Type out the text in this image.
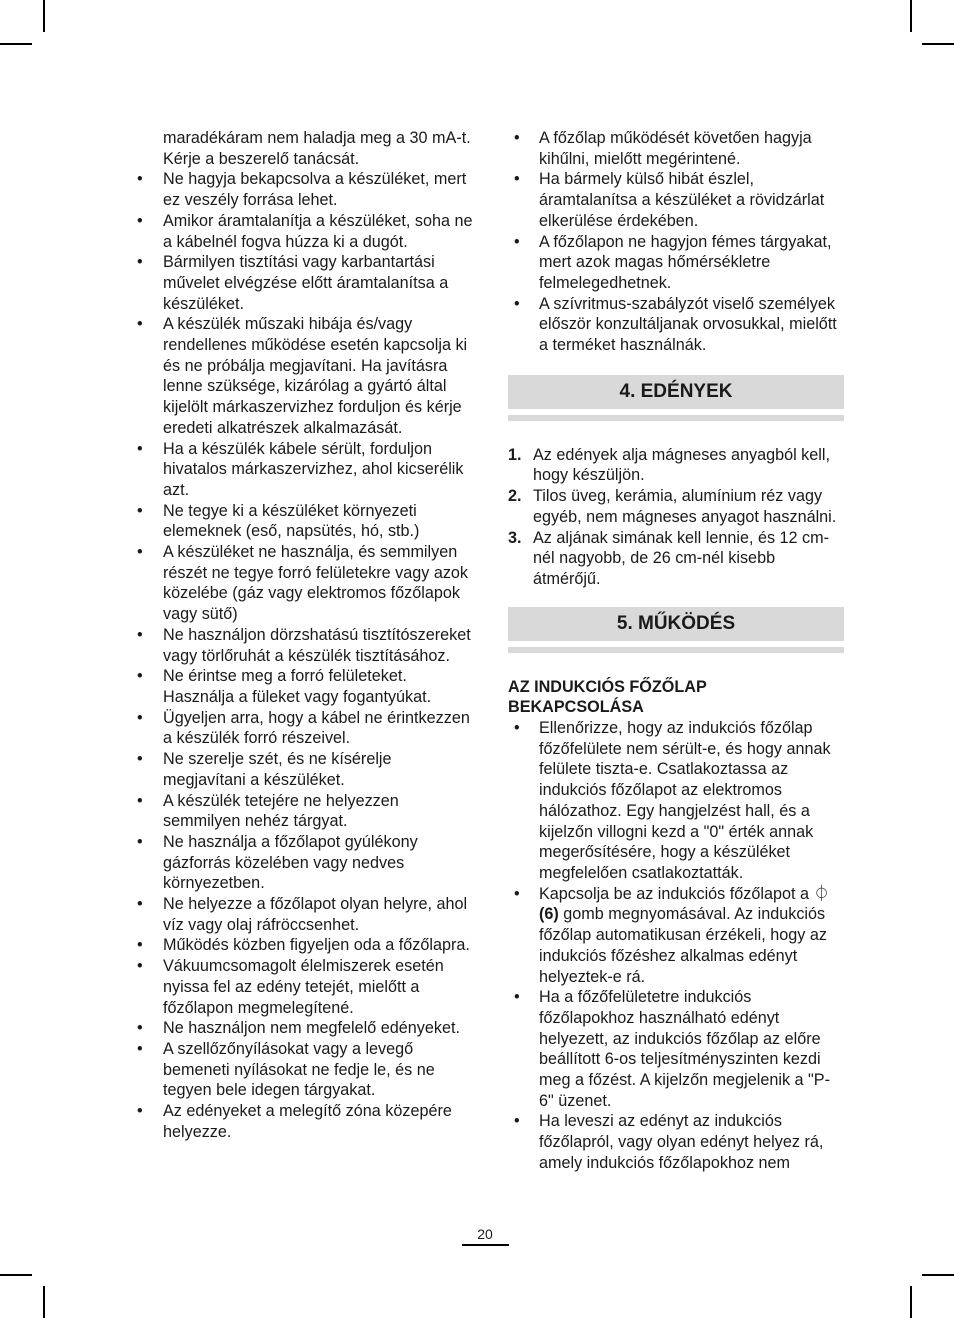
maradékáram nem haladja meg a 30 mA-t. Kérje a beszerelő tanácsát.
• Ne hagyja bekapcsolva a készüléket, mert ez veszély forrása lehet.
• Amikor áramtalanítja a készüléket, soha ne a kábelnél fogva húzza ki a dugót.
• Bármilyen tisztítási vagy karbantartási művelet elvégzése előtt áramtalanítsa a készüléket.
• A készülék műszaki hibája és/vagy rendellenes működése esetén kapcsolja ki és ne próbálja megjavítani. Ha javításra lenne szüksége, kizárólag a gyártó által kijelölt márkaszervizhez forduljon és kérje eredeti alkatrészek alkalmazását.
• Ha a készülék kábele sérült, forduljon hivatalos márkaszervizhez, ahol kicserélik azt.
• Ne tegye ki a készüléket környezeti elemeknek (eső, napsütés, hó, stb.)
• A készüléket ne használja, és semmilyen részét ne tegye forró felületekre vagy azok közelébe (gáz vagy elektromos főzőlapok vagy sütő)
• Ne használjon dörzshatású tisztítószereket vagy törlőruhát a készülék tisztításához.
• Ne érintse meg a forró felületeket. Használja a füleket vagy fogantyúkat.
• Ügyeljen arra, hogy a kábel ne érintkezzen a készülék forró részeivel.
• Ne szerelje szét, és ne kísérelje megjavítani a készüléket.
• A készülék tetejére ne helyezzen semmilyen nehéz tárgyat.
• Ne használja a főzőlapot gyúlékony gázforrás közelében vagy nedves környezetben.
• Ne helyezze a főzőlapot olyan helyre, ahol víz vagy olaj ráfröccsenhet.
• Működés közben figyeljen oda a főzőlapra.
• Vákuumcsomagolt élelmiszerek esetén nyissa fel az edény tetejét, mielőtt a főzőlapon megmelegítené.
• Ne használjon nem megfelelő edényeket.
• A szellőzőnyílásokat vagy a levegő bemeneti nyílásokat ne fedje le, és ne tegyen bele idegen tárgyakat.
• Az edényeket a melegítő zóna közepére helyezze.
• A főzőlap működését követően hagyja kihűlni, mielőtt megérintené.
• Ha bármely külső hibát észlel, áramtalanítsa a készüléket a rövidzárlat elkerülése érdekében.
• A főzőlapon ne hagyjon fémes tárgyakat, mert azok magas hőmérsékletre felmelegedhetnek.
• A szívritmus-szabályzót viselő személyek először konzultáljanak orvosukkal, mielőtt a terméket használnák.
4. EDÉNYEK
1. Az edények alja mágneses anyagból kell, hogy készüljön.
2. Tilos üveg, kerámia, alumínium réz vagy egyéb, nem mágneses anyagot használni.
3. Az aljának simának kell lennie, és 12 cm-nél nagyobb, de 26 cm-nél kisebb átmérőjű.
5. MŰKÖDÉS
AZ INDUKCIÓS FŐZŐLAP BEKAPCSOLÁSA
• Ellenőrizze, hogy az indukciós főzőlap főzőfelülete nem sérült-e, és hogy annak felülete tiszta-e. Csatlakoztassa az indukciós főzőlapot az elektromos hálózathoz. Egy hangjelzést hall, és a kijelzőn villogni kezd a "0" érték annak megerősítésére, hogy a készüléket megfelelően csatlakoztatták.
• Kapcsolja be az indukciós főzőlapot a ⏀ (6) gomb megnyomásával. Az indukciós főzőlap automatikusan érzékeli, hogy az indukciós főzéshez alkalmas edényt helyeztek-e rá.
• Ha a főzőfelületetre indukciós főzőlapokhoz használható edényt helyezett, az indukciós főzőlap az előre beállított 6-os teljesítményszinten kezdi meg a főzést. A kijelzőn megjelenik a "P-6" üzenet.
• Ha leveszi az edényt az indukciós főzőlapról, vagy olyan edényt helyez rá, amely indukciós főzőlapokhoz nem
20
